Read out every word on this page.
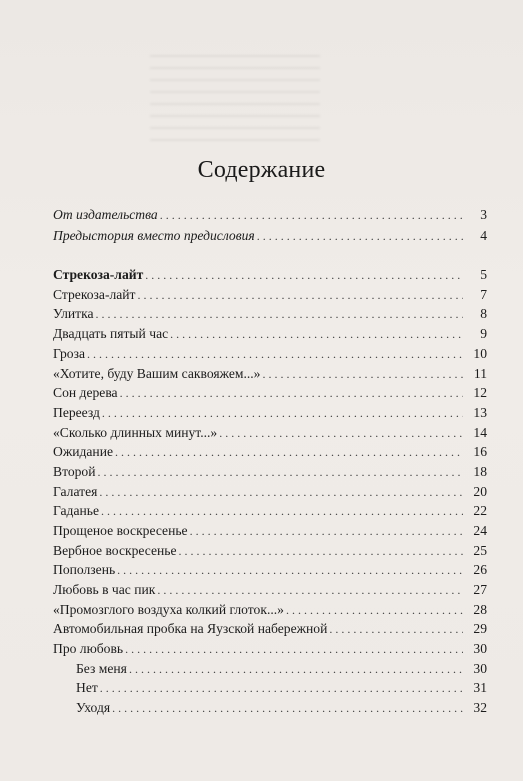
Содержание
От издательства . . .	3
Предыстория вместо предисловия . . .	4
Стрекоза-лайт . . .	5
Стрекоза-лайт . . .	7
Улитка . . .	8
Двадцать пятый час . . .	9
Гроза . . .	10
«Хотите, буду Вашим саквояжем...» . . .	11
Сон дерева . . .	12
Переезд . . .	13
«Сколько длинных минут...» . . .	14
Ожидание . . .	16
Второй . . .	18
Галатея . . .	20
Гаданье . . .	22
Прощеное воскресенье . . .	24
Вербное воскресенье . . .	25
Поползень . . .	26
Любовь в час пик . . .	27
«Промозглого воздуха колкий глоток...» . . .	28
Автомобильная пробка на Яузской набережной . . .	29
Про любовь . . .	30
Без меня . . .	30
Нет . . .	31
Уходя . . .	32
